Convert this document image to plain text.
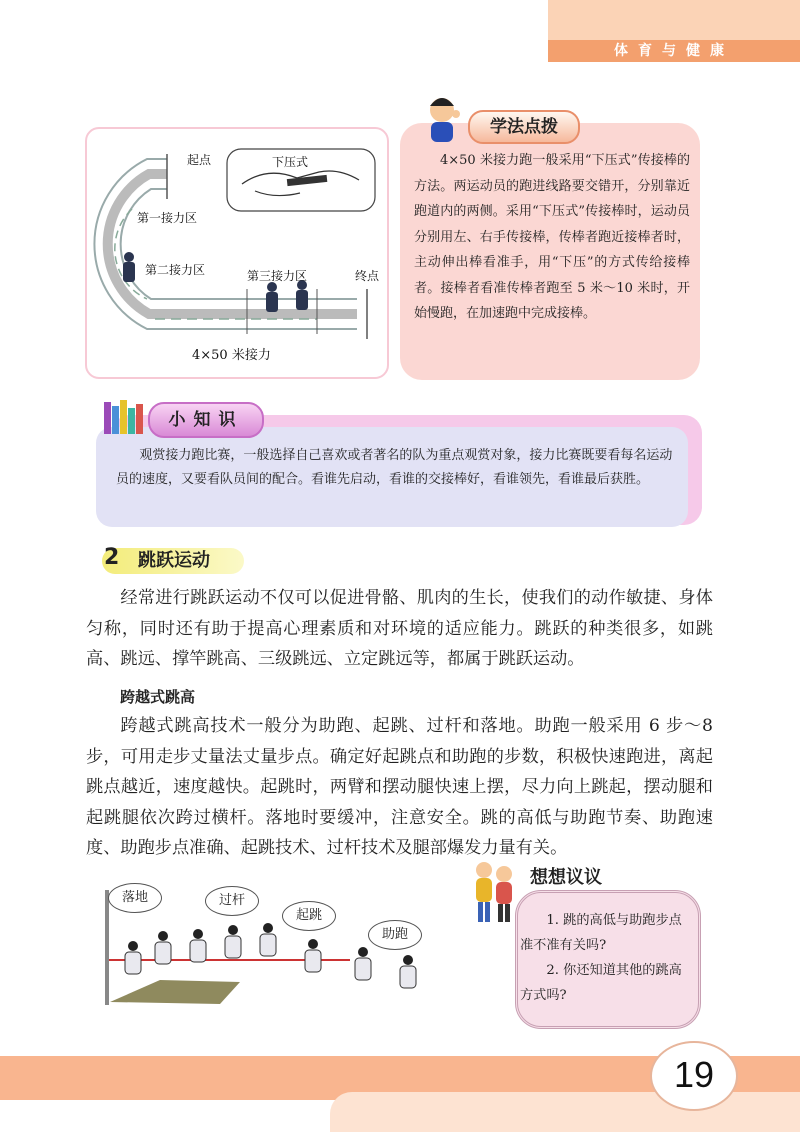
体育与健康
起点
终点
第一接力区
第二接力区	第三接力区
下压式
4×50 米接力
学法点拨
4×50 米接力跑一般采用“下压式”传接棒的方法。两运动员的跑进线路要交错开，分别靠近跑道内的两侧。采用“下压式”传接棒时，运动员分别用左、右手传接棒，传棒者跑近接棒者时，主动伸出棒看准手，用“下压”的方式传给接棒者。接棒者看准传棒者跑至 5 米～10 米时，开始慢跑，在加速跑中完成接棒。
小知识
观赏接力跑比赛，一般选择自己喜欢或者著名的队为重点观赏对象，接力比赛既要看每名运动员的速度，又要看队员间的配合。看谁先启动，看谁的交接棒好，看谁领先，看谁最后获胜。
2 跳跃运动
经常进行跳跃运动不仅可以促进骨骼、肌肉的生长，使我们的动作敏捷、身体匀称，同时还有助于提高心理素质和对环境的适应能力。跳跃的种类很多，如跳高、跳远、撑竿跳高、三级跳远、立定跳远等，都属于跳跃运动。
跨越式跳高
跨越式跳高技术一般分为助跑、起跳、过杆和落地。助跑一般采用 6 步～8 步，可用走步丈量法丈量步点。确定好起跳点和助跑的步数，积极快速跑进，离起跳点越近，速度越快。起跳时，两臂和摆动腿快速上摆，尽力向上跳起，摆动腿和起跳腿依次跨过横杆。落地时要缓冲，注意安全。跳的高低与助跑节奏、助跑速度、助跑步点准确、起跳技术、过杆技术及腿部爆发力量有关。
落地	过杆
起跳
助跑
想想议议

1. 跳的高低与助跑步点准不准有关吗?

2. 你还知道其他的跳高方式吗?

19
